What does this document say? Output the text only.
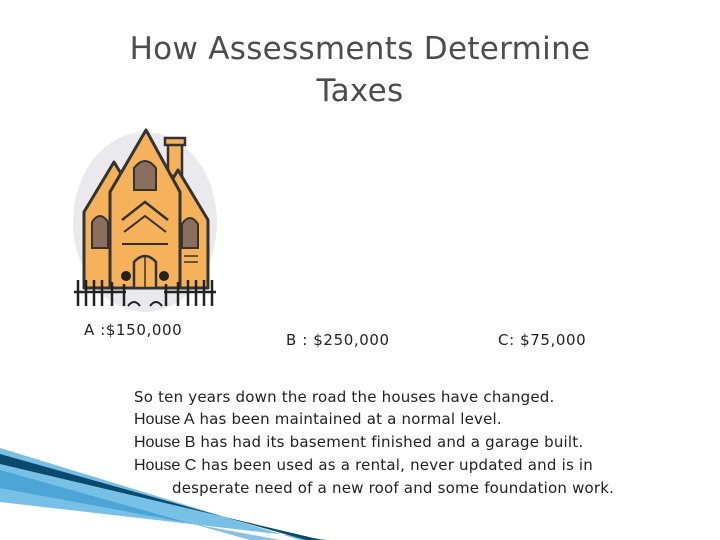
How Assessments Determine
Taxes
A :$150,000
B : $250,000	C: $75,000
So ten years down the road the houses have changed.
House A has been maintained at a normal level.
House B has had its basement finished and a garage built.
House C has been used as a rental, never updated and is in
desperate need of a new roof and some foundation work.
